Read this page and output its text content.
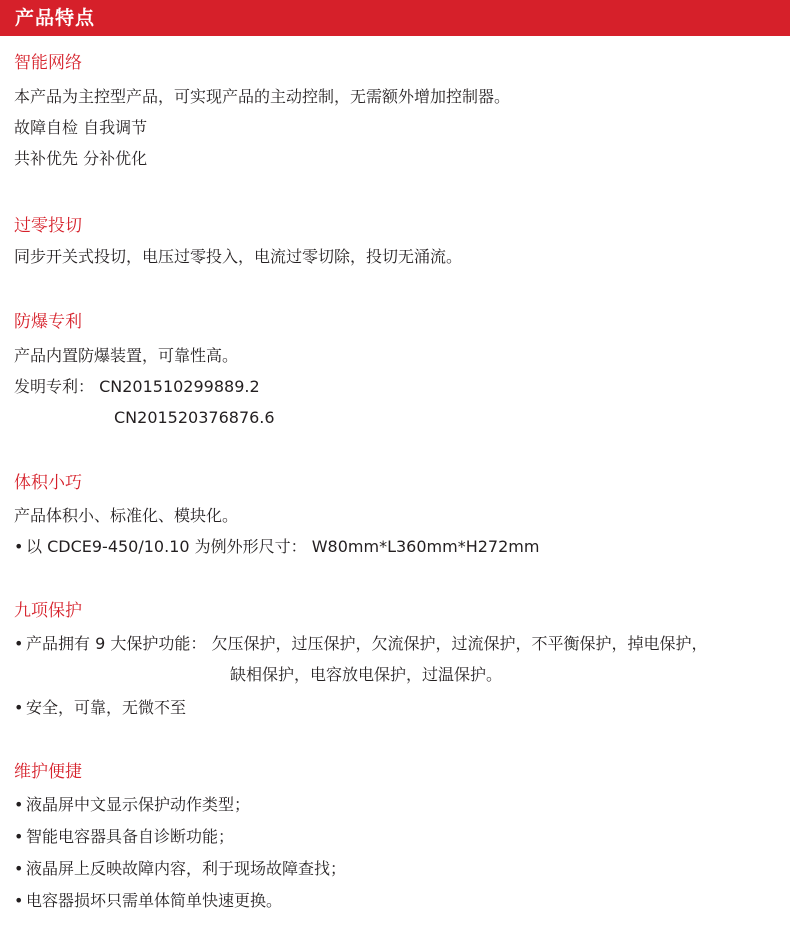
产品特点
智能网络
本产品为主控型产品，可实现产品的主动控制，无需额外增加控制器。
故障自检 自我调节
共补优先 分补优化
过零投切
同步开关式投切，电压过零投入，电流过零切除，投切无涌流。
防爆专利
产品内置防爆装置，可靠性高。
发明专利： CN201510299889.2
CN201520376876.6
体积小巧
产品体积小、标准化、模块化。
• 以 CDCE9-450/10.10 为例外形尺寸： W80mm*L360mm*H272mm
九项保护
• 产品拥有 9 大保护功能： 欠压保护，过压保护，欠流保护，过流保护，不平衡保护，掉电保护，
缺相保护，电容放电保护，过温保护。
• 安全，可靠，无微不至
维护便捷
• 液晶屏中文显示保护动作类型；
• 智能电容器具备自诊断功能；
• 液晶屏上反映故障内容，利于现场故障查找；
• 电容器损坏只需单体简单快速更换。
